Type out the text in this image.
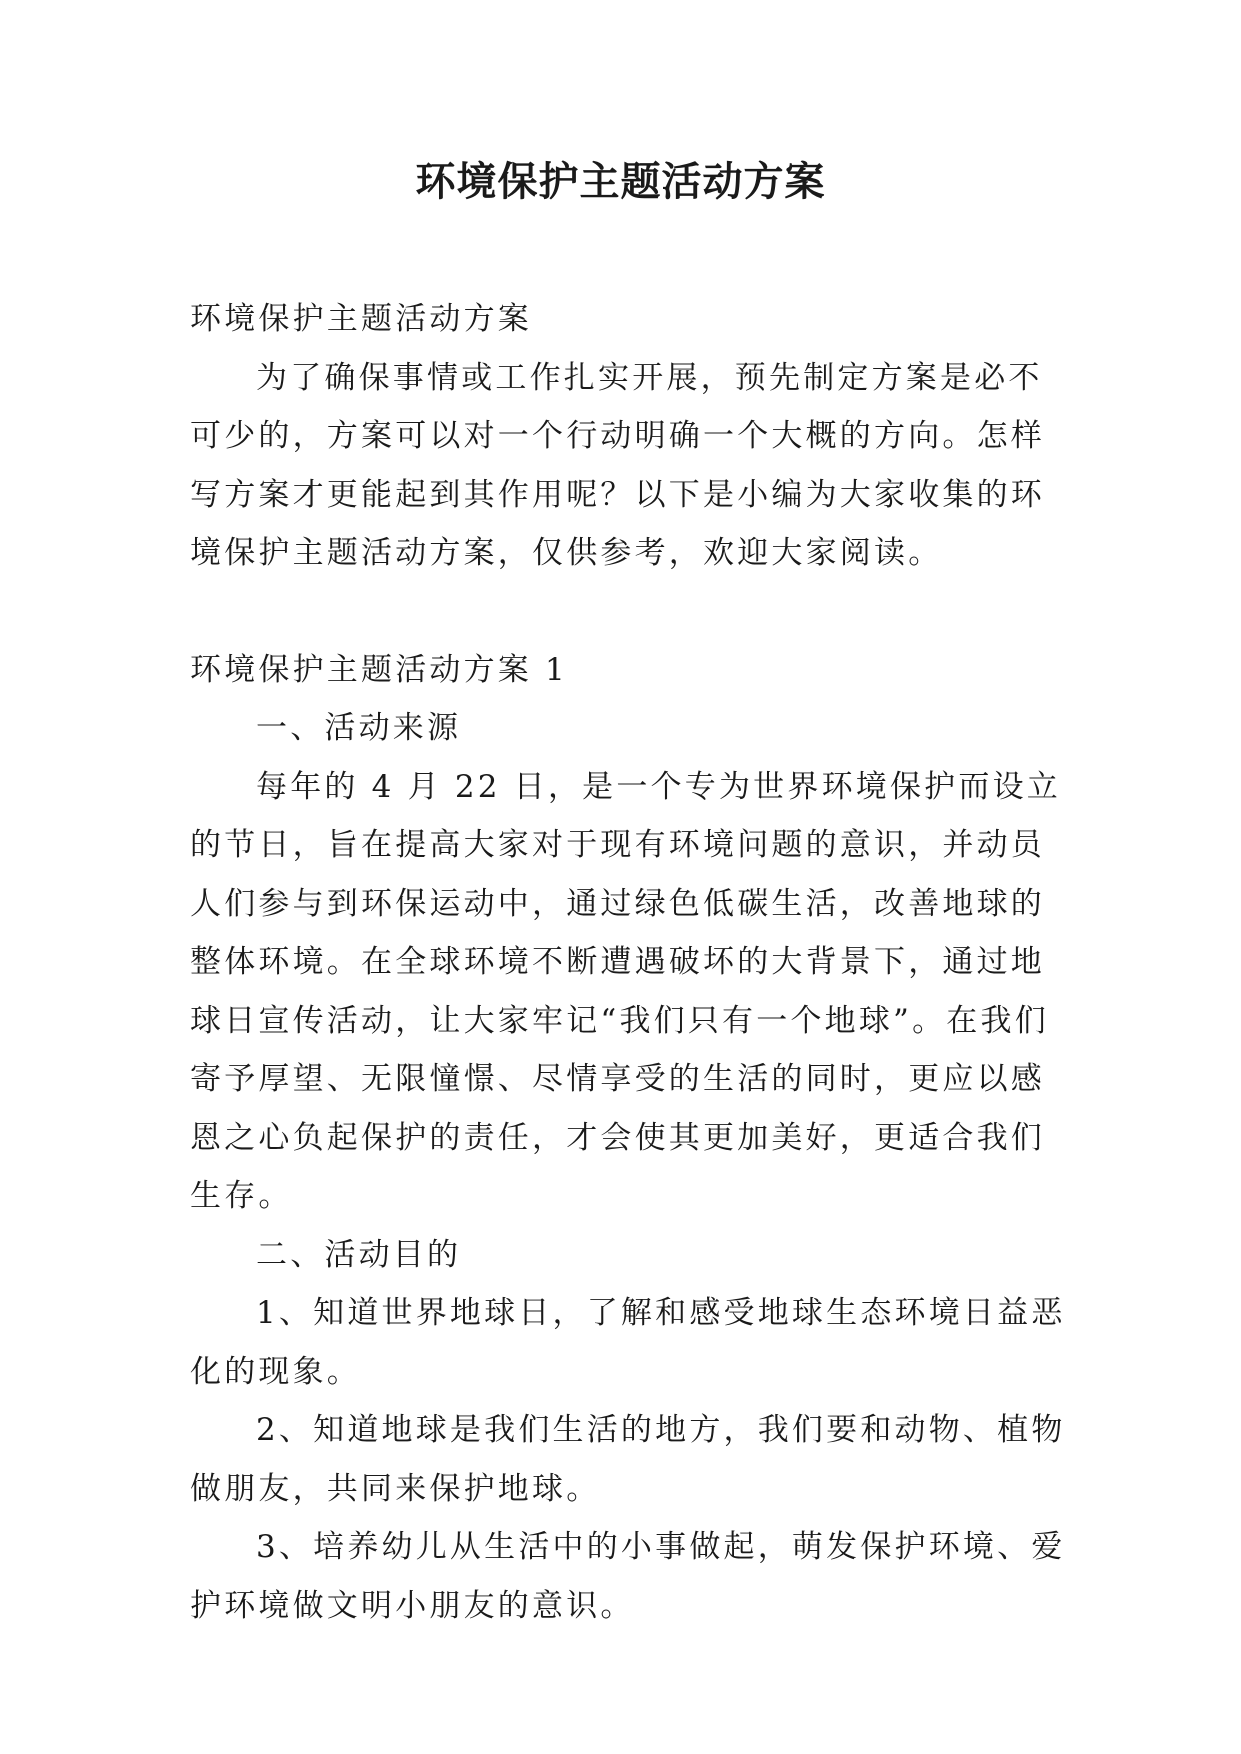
环境保护主题活动方案

环境保护主题活动方案

为了确保事情或工作扎实开展，预先制定方案是必不可少的，方案可以对一个行动明确一个大概的方向。怎样写方案才更能起到其作用呢？以下是小编为大家收集的环境保护主题活动方案，仅供参考，欢迎大家阅读。

环境保护主题活动方案 1

一、活动来源

每年的 4 月 22 日，是一个专为世界环境保护而设立的节日，旨在提高大家对于现有环境问题的意识，并动员人们参与到环保运动中，通过绿色低碳生活，改善地球的整体环境。在全球环境不断遭遇破坏的大背景下，通过地球日宣传活动，让大家牢记“我们只有一个地球”。在我们寄予厚望、无限憧憬、尽情享受的生活的同时，更应以感恩之心负起保护的责任，才会使其更加美好，更适合我们生存。

二、活动目的

1、知道世界地球日，了解和感受地球生态环境日益恶化的现象。

2、知道地球是我们生活的地方，我们要和动物、植物做朋友，共同来保护地球。

3、培养幼儿从生活中的小事做起，萌发保护环境、爱护环境做文明小朋友的意识。
